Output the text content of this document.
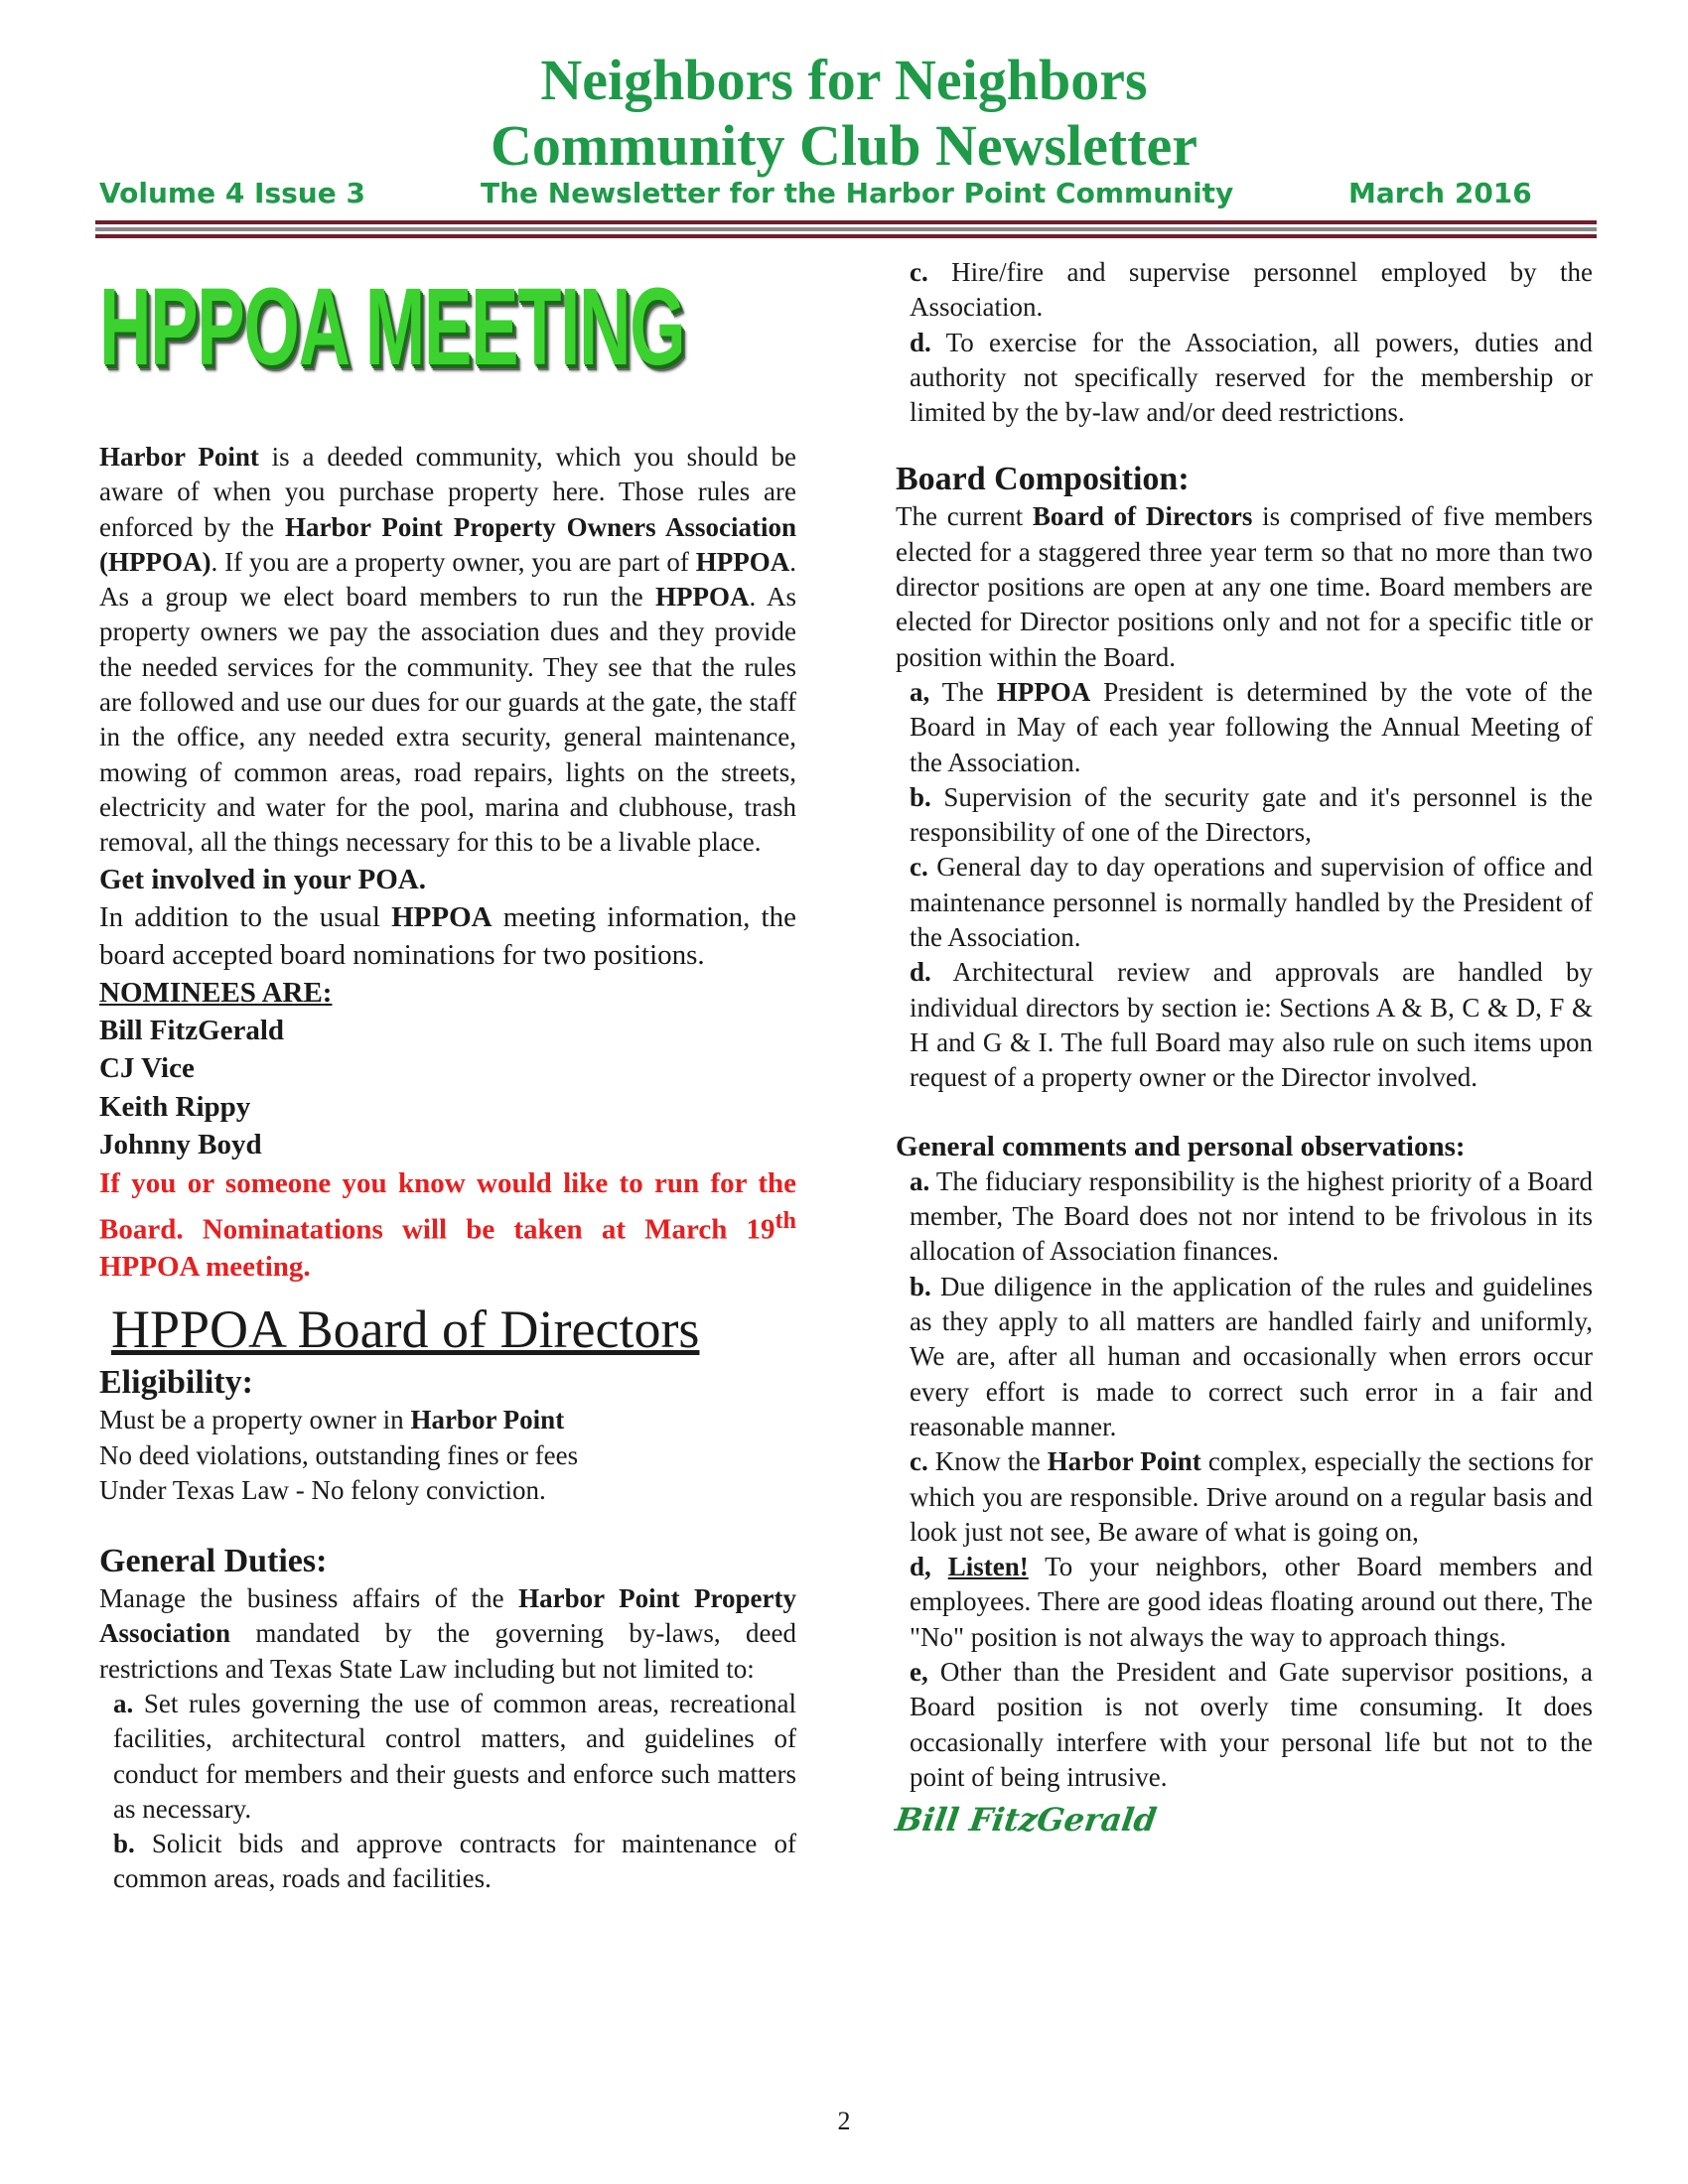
Neighbors for Neighbors

Community Club Newsletter

Volume 4 Issue 3	The Newsletter for the Harbor Point Community	March 2016
HPPOA MEETING

Harbor Point is a deeded community, which you should be aware of when you purchase property here. Those rules are enforced by the Harbor Point Property Owners Association (HPPOA). If you are a property owner, you are part of HPPOA. As a group we elect board members to run the HPPOA. As property owners we pay the association dues and they provide the needed services for the community. They see that the rules are followed and use our dues for our guards at the gate, the staff in the office, any needed extra security, general maintenance, mowing of common areas, road repairs, lights on the streets, electricity and water for the pool, marina and clubhouse, trash removal, all the things necessary for this to be a livable place.

Get involved in your POA.

In addition to the usual HPPOA meeting information, the board accepted board nominations for two positions.

NOMINEES ARE:

Bill FitzGerald

CJ Vice

Keith Rippy

Johnny Boyd

If you or someone you know would like to run for the Board. Nominatations will be taken at March 19th HPPOA meeting.

HPPOA Board of Directors

Eligibility:

Must be a property owner in Harbor Point

No deed violations, outstanding fines or fees

Under Texas Law - No felony conviction.

General Duties:

Manage the business affairs of the Harbor Point Property Association mandated by the governing by-laws, deed restrictions and Texas State Law including but not limited to:

a. Set rules governing the use of common areas, recreational facilities, architectural control matters, and guidelines of conduct for members and their guests and enforce such matters as necessary.

b. Solicit bids and approve contracts for maintenance of common areas, roads and facilities.

c. Hire/fire and supervise personnel employed by the Association.

d. To exercise for the Association, all powers, duties and authority not specifically reserved for the membership or limited by the by-law and/or deed restrictions.

Board Composition:

The current Board of Directors is comprised of five members elected for a staggered three year term so that no more than two director positions are open at any one time. Board members are elected for Director positions only and not for a specific title or position within the Board.

a, The HPPOA President is determined by the vote of the Board in May of each year following the Annual Meeting of the Association.

b. Supervision of the security gate and it's personnel is the responsibility of one of the Directors,

c. General day to day operations and supervision of office and maintenance personnel is normally handled by the President of the Association.

d. Architectural review and approvals are handled by individual directors by section ie: Sections A & B, C & D, F & H and G & I. The full Board may also rule on such items upon request of a property owner or the Director involved.

General comments and personal observations:

a. The fiduciary responsibility is the highest priority of a Board member, The Board does not nor intend to be frivolous in its allocation of Association finances.

b. Due diligence in the application of the rules and guidelines as they apply to all matters are handled fairly and uniformly, We are, after all human and occasionally when errors occur every effort is made to correct such error in a fair and reasonable manner.

c. Know the Harbor Point complex, especially the sections for which you are responsible. Drive around on a regular basis and look just not see, Be aware of what is going on,

d, Listen! To your neighbors, other Board members and employees. There are good ideas floating around out there, The "No" position is not always the way to approach things.

e, Other than the President and Gate supervisor positions, a Board position is not overly time consuming. It does occasionally interfere with your personal life but not to the point of being intrusive.

Bill FitzGerald

2
